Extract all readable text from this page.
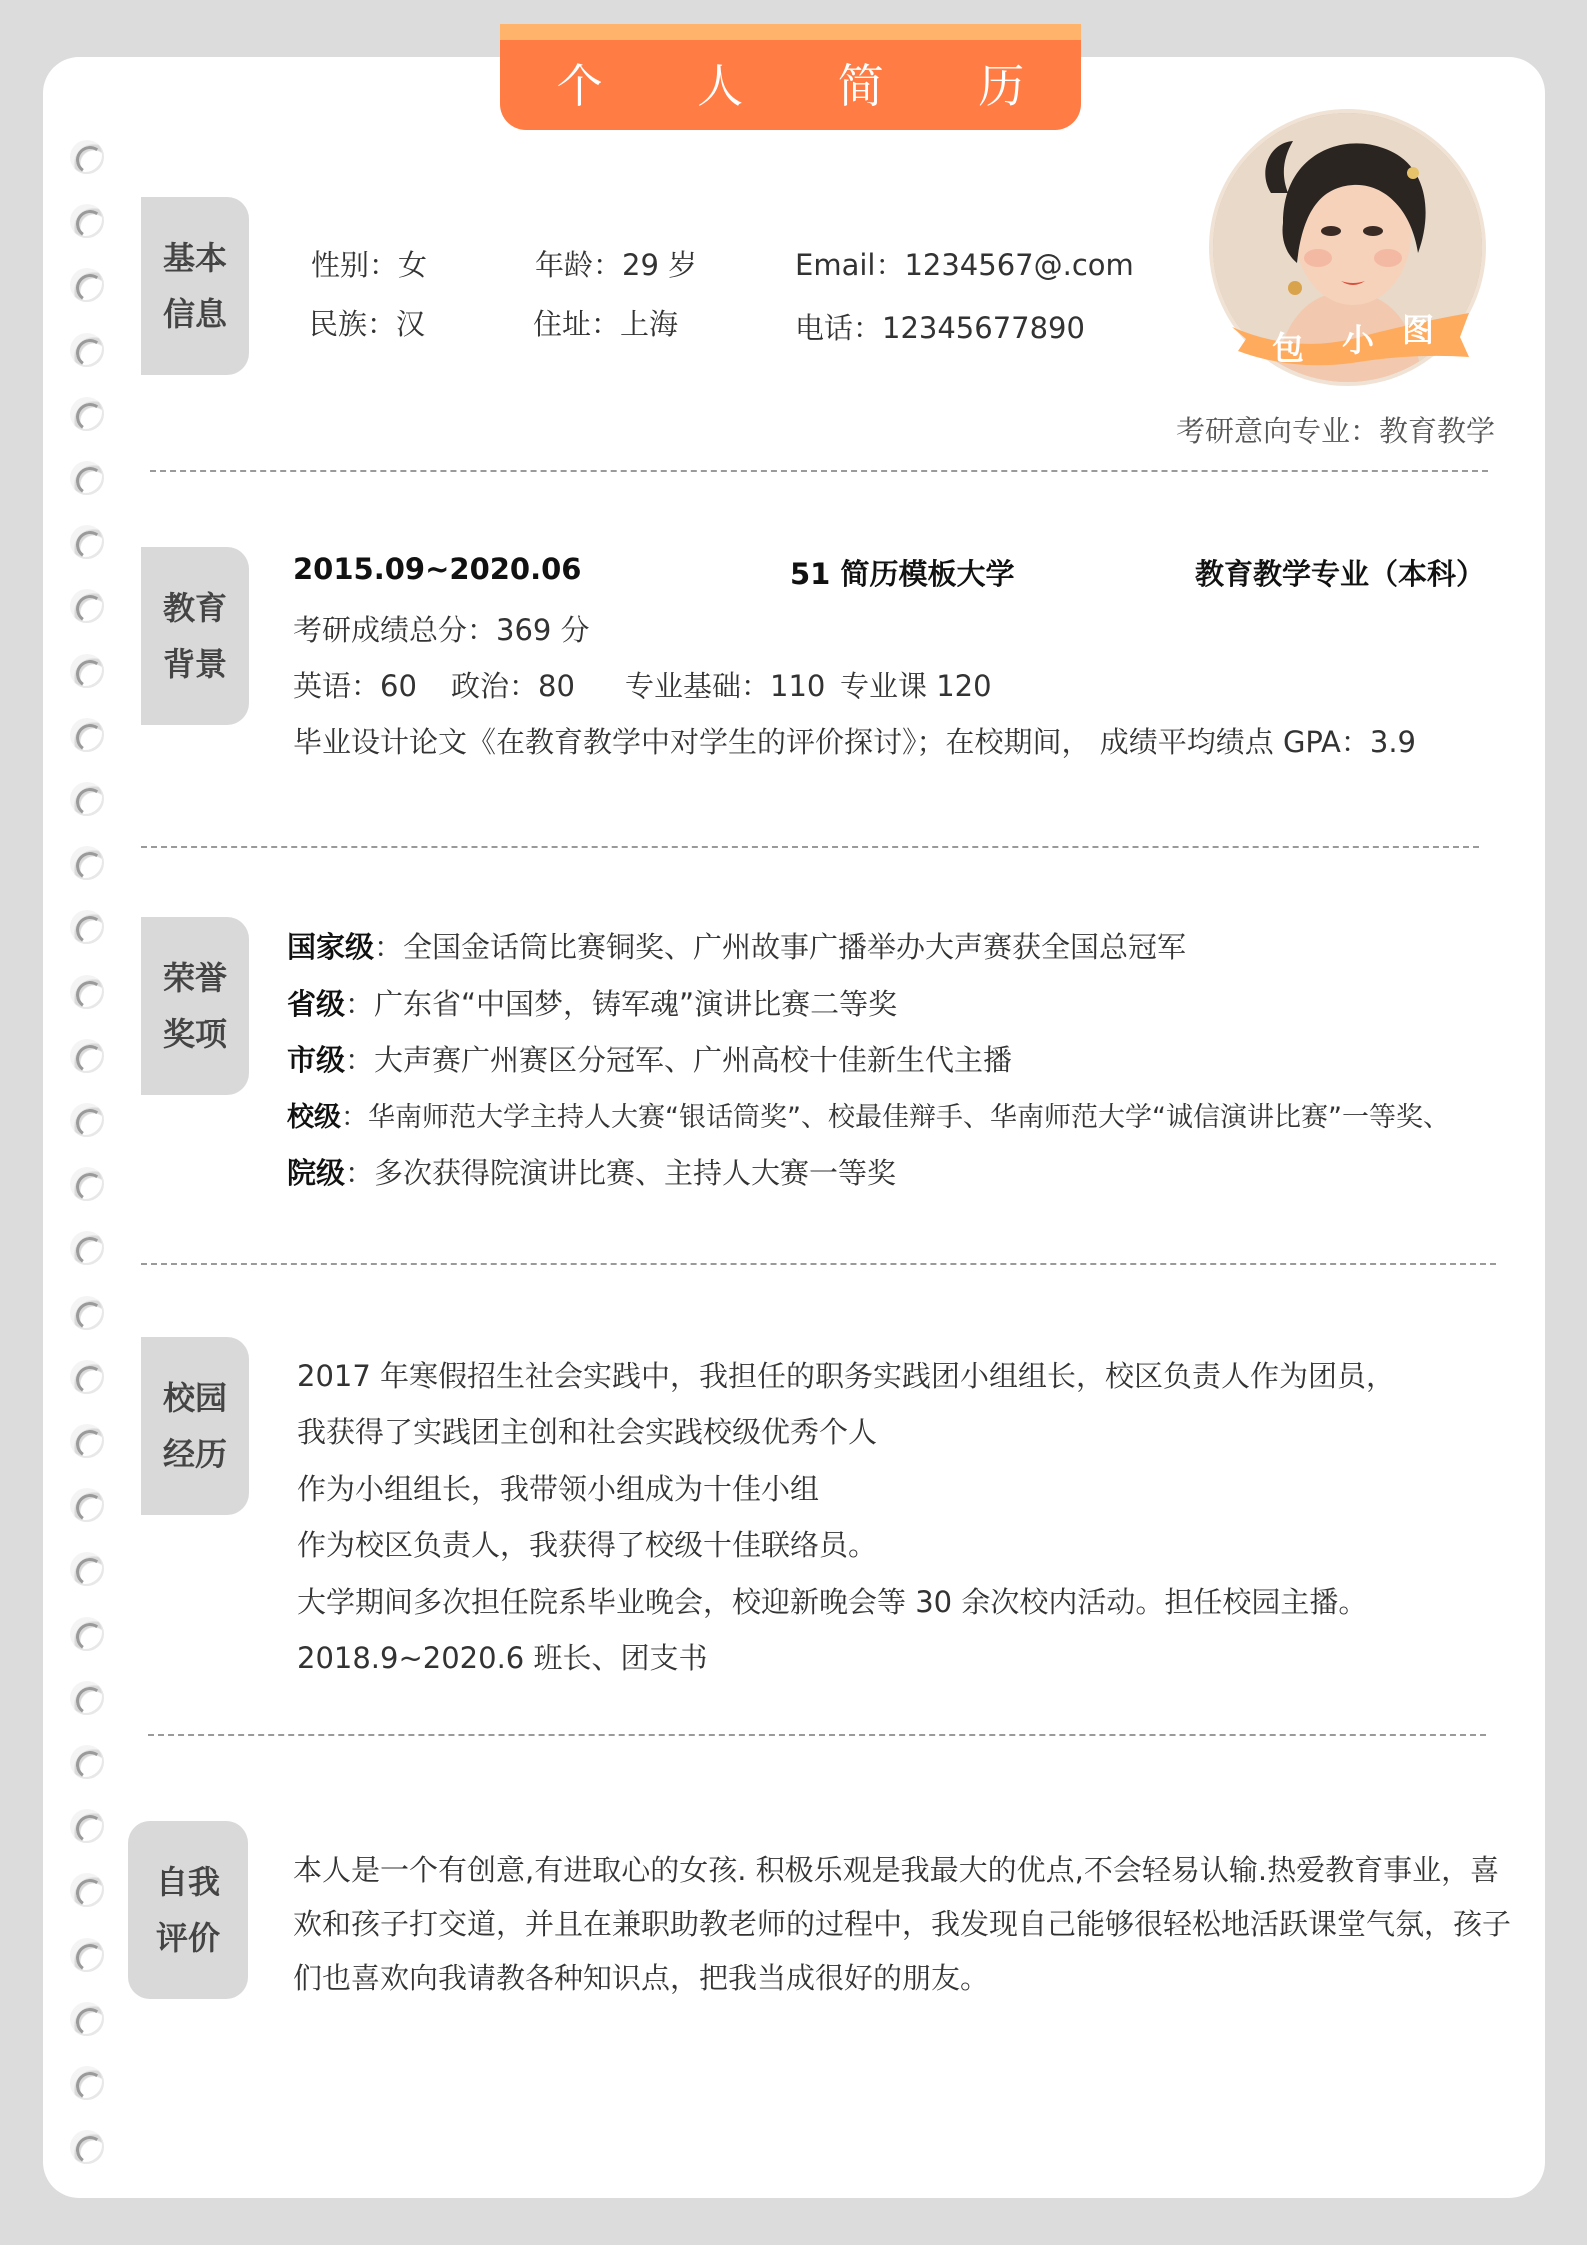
个 人 简 历
包 小 图
基本
信息
性别：女	年龄：29 岁	Email：1234567@.com
民族：汉	住址：上海	电话：12345677890
考研意向专业：教育教学
教育
背景
2015.09~2020.06	51 简历模板大学	教育教学专业（本科）
考研成绩总分：369 分
英语：60 政治：80 专业基础：110 专业课 120
毕业设计论文《在教育教学中对学生的评价探讨》；在校期间， 成绩平均绩点 GPA：3.9
荣誉
奖项
国家级：全国金话筒比赛铜奖、广州故事广播举办大声赛获全国总冠军
省级：广东省“中国梦，铸军魂”演讲比赛二等奖
市级：大声赛广州赛区分冠军、广州高校十佳新生代主播
校级：华南师范大学主持人大赛“银话筒奖”、校最佳辩手、华南师范大学“诚信演讲比赛”一等奖、
院级：多次获得院演讲比赛、主持人大赛一等奖
校园
经历
2017 年寒假招生社会实践中，我担任的职务实践团小组组长，校区负责人作为团员，
我获得了实践团主创和社会实践校级优秀个人
作为小组组长，我带领小组成为十佳小组
作为校区负责人，我获得了校级十佳联络员。
大学期间多次担任院系毕业晚会，校迎新晚会等 30 余次校内活动。担任校园主播。
2018.9~2020.6 班长、团支书
自我
评价
本人是一个有创意,有进取心的女孩. 积极乐观是我最大的优点,不会轻易认输.热爱教育事业，喜
欢和孩子打交道，并且在兼职助教老师的过程中，我发现自己能够很轻松地活跃课堂气氛，孩子
们也喜欢向我请教各种知识点，把我当成很好的朋友。
